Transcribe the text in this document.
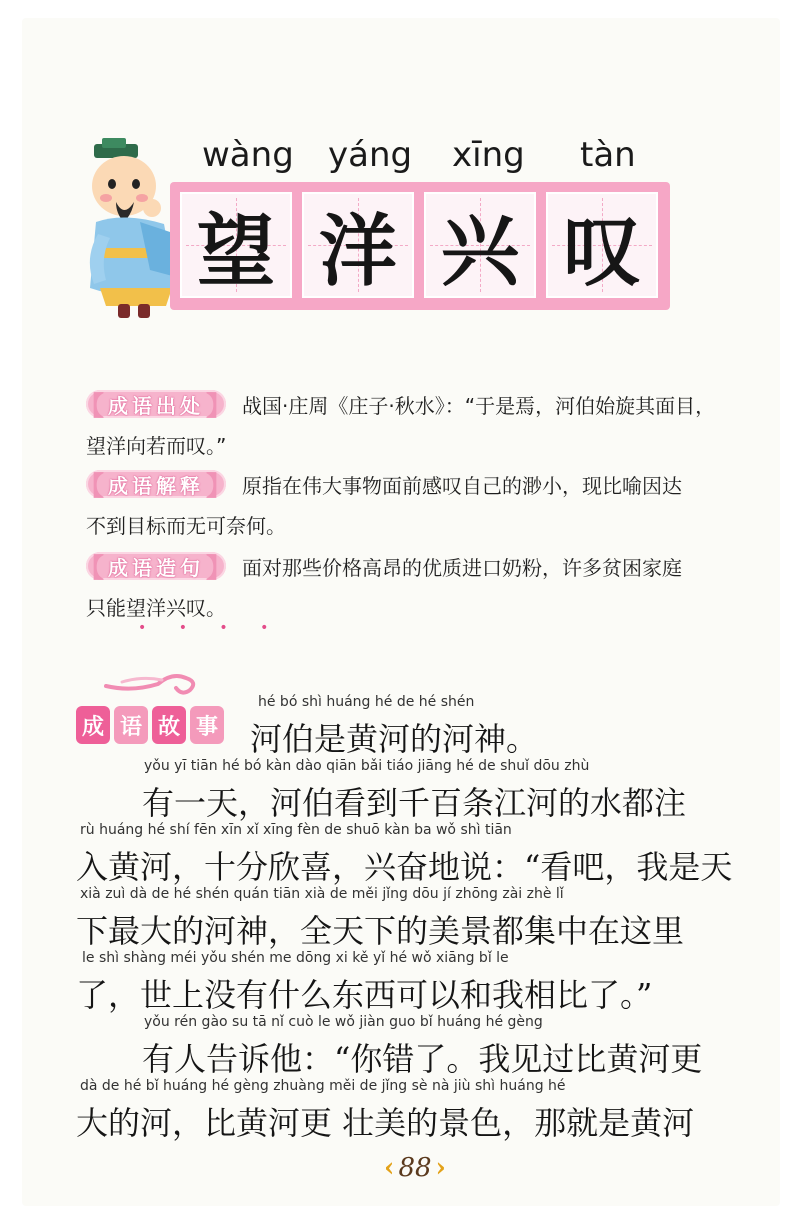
wàng yáng xīng tàn
望 洋 兴 叹
【 成语出处 】 战国·庄周《庄子·秋水》：“于是焉，河伯始旋其面目，
望洋向若而叹。”
【 成语解释 】 原指在伟大事物面前感叹自己的渺小，现比喻因达
不到目标而无可奈何。
【 成语造句 】 面对那些价格高昂的优质进口奶粉，许多贫困家庭
只能望洋兴叹。
• • • •
成 语 故 事
hé bó shì huáng hé de hé shén
河伯是黄河的河神。
yǒu yī tiān hé bó kàn dào qiān bǎi tiáo jiāng hé de shuǐ dōu zhù
有一天，河伯看到千百条江河的水都注
rù huáng hé shí fēn xīn xǐ xīng fèn de shuō kàn ba wǒ shì tiān
入黄河，十分欣喜，兴奋地说：“看吧，我是天
xià zuì dà de hé shén quán tiān xià de měi jǐng dōu jí zhōng zài zhè lǐ
下最大的河神，全天下的美景都集中在这里
le shì shàng méi yǒu shén me dōng xi kě yǐ hé wǒ xiāng bǐ le
了，世上没有什么东西可以和我相比了。”
yǒu rén gào su tā nǐ cuò le wǒ jiàn guo bǐ huáng hé gèng
有人告诉他：“你错了。我见过比黄河更
dà de hé bǐ huáng hé gèng zhuàng měi de jǐng sè nà jiù shì huáng hé
大的河，比黄河更 壮美的景色，那就是黄河
‹ 88 ›
